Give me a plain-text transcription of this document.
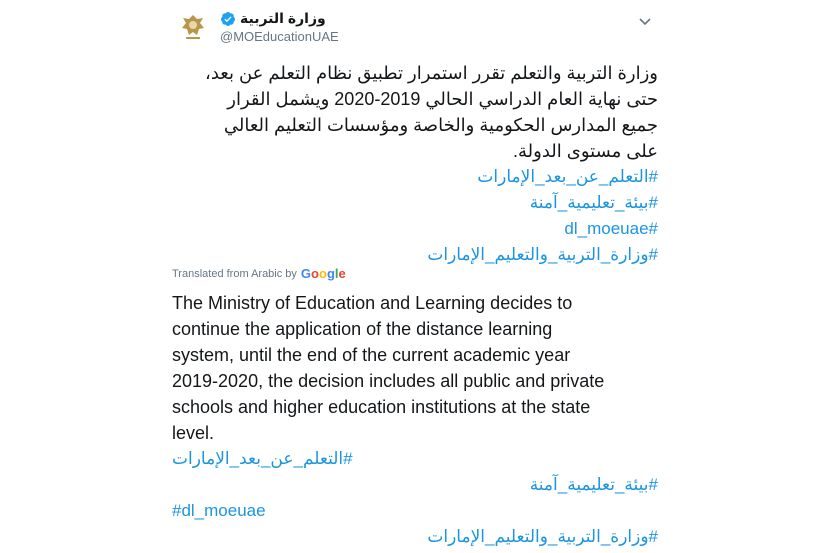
وزارة التربية
@MOEducationUAE

وزارة التربية والتعلم تقرر استمرار تطبيق نظام التعلم عن بعد،

حتى نهاية العام الدراسي الحالي 2019-2020 ويشمل القرار

جميع المدارس الحكومية والخاصة ومؤسسات التعليم العالي

على مستوى الدولة.

#التعلم_عن_بعد_الإمارات
#بيئة_تعليمية_آمنة
#dl_moeuae
#وزارة_التربية_والتعليم_الإمارات
Translated from Arabic by Google

The Ministry of Education and Learning decides to

continue the application of the distance learning

system, until the end of the current academic year

2019-2020, the decision includes all public and private

schools and higher education institutions at the state

level.

#التعلم_عن_بعد_الإمارات
#بيئة_تعليمية_آمنة
#dl_moeuae
#وزارة_التربية_والتعليم_الإمارات
